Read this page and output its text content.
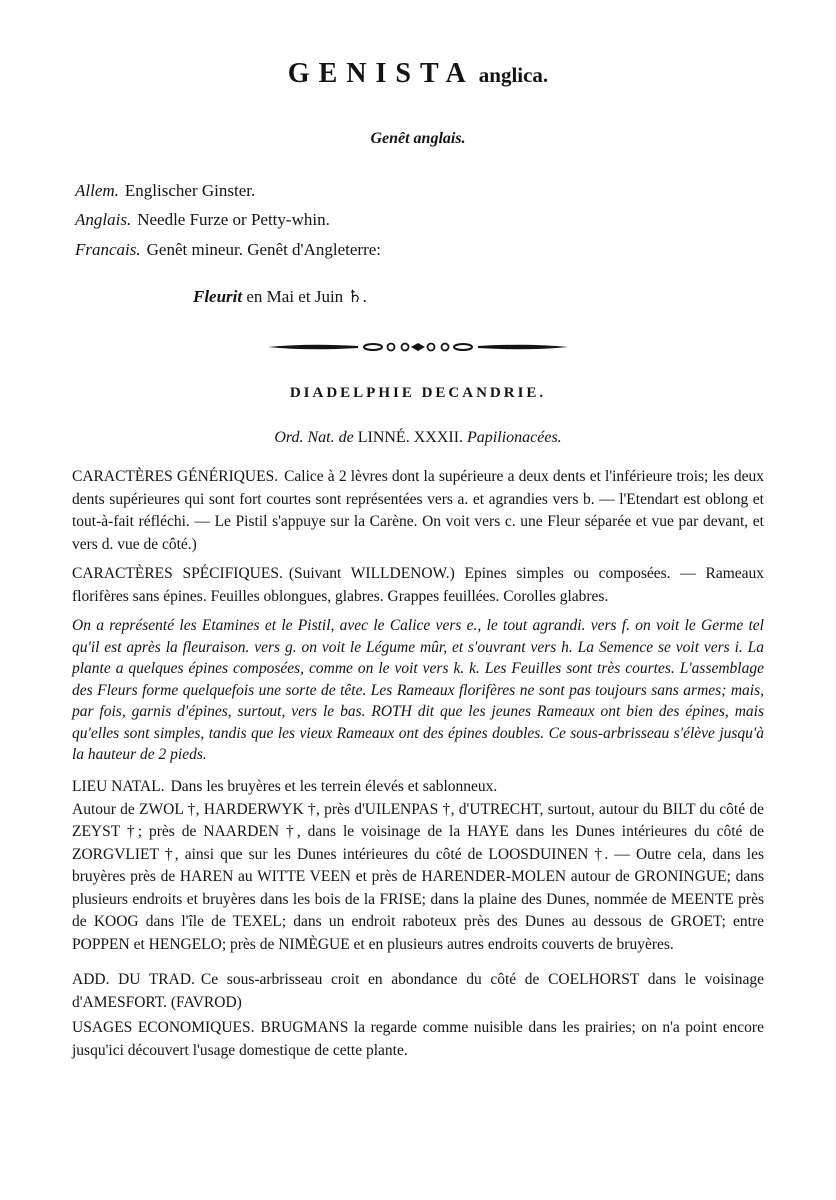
GENISTA anglica.
Genêt anglais.
Allem. Englischer Ginster.
Anglais. Needle Furze or Petty-whin.
Francais. Genêt mineur. Genêt d'Angleterre:
Fleurit en Mai et Juin ♄.
DIADELPHIE DECANDRIE.
Ord. Nat. de LINNÉ. XXXII. Papilionacées.

CARACTÈRES GÉNÉRIQUES. Calice à 2 lèvres dont la supérieure a deux dents et l'inférieure trois; les deux dents supérieures qui sont fort courtes sont représentées vers a. et agrandies vers b. — l'Etendart est oblong et tout-à-fait réfléchi. — Le Pistil s'appuye sur la Carène. On voit vers c. une Fleur séparée et vue par devant, et vers d. vue de côté.)

CARACTÈRES SPÉCIFIQUES. (Suivant WILLDENOW.) Epines simples ou composées. — Rameaux florifères sans épines. Feuilles oblongues, glabres. Grappes feuillées. Corolles glabres.

On a représenté les Etamines et le Pistil, avec le Calice vers e., le tout agrandi. vers f. on voit le Germe tel qu'il est après la fleuraison. vers g. on voit le Légume mûr, et s'ouvrant vers h. La Semence se voit vers i. La plante a quelques épines composées, comme on le voit vers k. k. Les Feuilles sont très courtes. L'assemblage des Fleurs forme quelquefois une sorte de tête. Les Rameaux florifères ne sont pas toujours sans armes; mais, par fois, garnis d'épines, surtout, vers le bas. ROTH dit que les jeunes Rameaux ont bien des épines, mais qu'elles sont simples, tandis que les vieux Rameaux ont des épines doubles. Ce sous-arbrisseau s'élève jusqu'à la hauteur de 2 pieds.

LIEU NATAL. Dans les bruyères et les terrein élevés et sablonneux.

Autour de ZWOL †, HARDERWYK †, près d'UILENPAS †, d'UTRECHT, surtout, autour du BILT du côté de ZEYST †; près de NAARDEN †, dans le voisinage de la HAYE dans les Dunes intérieures du côté de ZORGVLIET †, ainsi que sur les Dunes intérieures du côté de LOOSDUINEN †. — Outre cela, dans les bruyères près de HAREN au WITTE VEEN et près de HARENDER-MOLEN autour de GRONINGUE; dans plusieurs endroits et bruyères dans les bois de la FRISE; dans la plaine des Dunes, nommée de MEENTE près de KOOG dans l'île de TEXEL; dans un endroit raboteux près des Dunes au dessous de GROET; entre POPPEN et HENGELO; près de NIMÈGUE et en plusieurs autres endroits couverts de bruyères.

ADD. DU TRAD. Ce sous-arbrisseau croit en abondance du côté de COELHORST dans le voisinage d'AMESFORT. (FAVROD)

USAGES ECONOMIQUES. BRUGMANS la regarde comme nuisible dans les prairies; on n'a point encore jusqu'ici découvert l'usage domestique de cette plante.
